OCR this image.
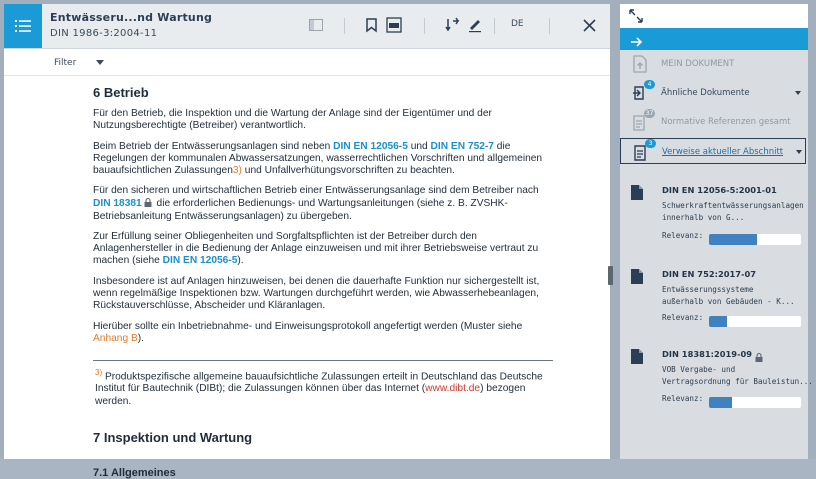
Entwässeru...nd Wartung
DIN 1986-3:2004-11
DE
Filter
6 Betrieb

Für den Betrieb, die Inspektion und die Wartung der Anlage sind der Eigentümer und der Nutzungsberechtigte (Betreiber) verantwortlich.

Beim Betrieb der Entwässerungsanlagen sind neben DIN EN 12056-5 und DIN EN 752-7 die Regelungen der kommunalen Abwassersatzungen, wasserrechtlichen Vorschriften und allgemeinen bauaufsichtlichen Zulassungen3) und Unfallverhütungsvorschriften zu beachten.

Für den sicheren und wirtschaftlichen Betrieb einer Entwässerungsanlage sind dem Betreiber nach DIN 18381 die erforderlichen Bedienungs- und Wartungsanleitungen (siehe z. B. ZVSHK-Betriebsanleitung Entwässerungsanlagen) zu übergeben.

Zur Erfüllung seiner Obliegenheiten und Sorgfaltspflichten ist der Betreiber durch den Anlagenhersteller in die Bedienung der Anlage einzuweisen und mit ihrer Betriebsweise vertraut zu machen (siehe DIN EN 12056-5).

Insbesondere ist auf Anlagen hinzuweisen, bei denen die dauerhafte Funktion nur sichergestellt ist, wenn regelmäßige Inspektionen bzw. Wartungen durchgeführt werden, wie Abwasserhebeanlagen, Rückstauverschlüsse, Abscheider und Kläranlagen.

Hierüber sollte ein Inbetriebnahme- und Einweisungsprotokoll angefertigt werden (Muster siehe Anhang B).

$^{3)}$ Produktspezifische allgemeine bauaufsichtliche Zulassungen erteilt in Deutschland das Deutsche Institut für Bautechnik (DIBt); die Zulassungen können über das Internet (www.dibt.de) bezogen werden.

7 Inspektion und Wartung
7.1 Allgemeines
MEIN DOKUMENT
4
Ähnliche Dokumente
37
Normative Referenzen gesamt
3
Verweise aktueller Abschnitt
DIN EN 12056-5:2001-01
Schwerkraftentwässerungsanlagen
innerhalb von G...
Relevanz:
DIN EN 752:2017-07
Entwässerungssysteme
außerhalb von Gebäuden - K...
Relevanz:
DIN 18381:2019-09
VOB Vergabe- und
Vertragsordnung für Bauleistun...
Relevanz:
